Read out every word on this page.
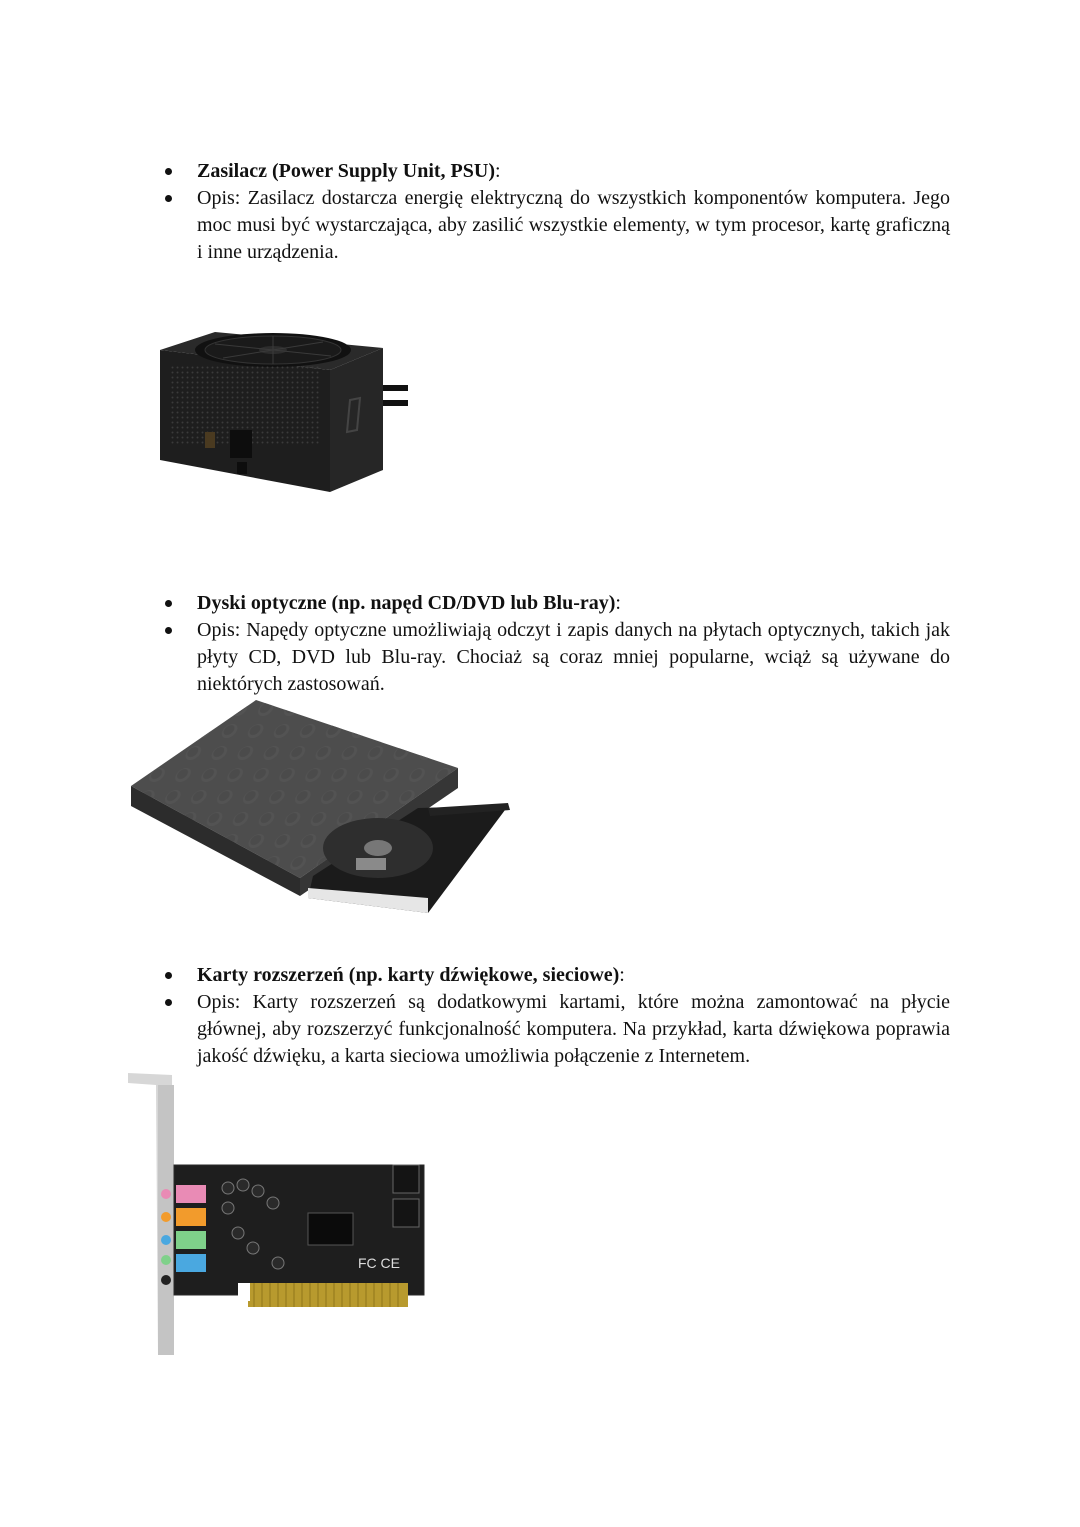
Zasilacz (Power Supply Unit, PSU):
Opis: Zasilacz dostarcza energię elektryczną do wszystkich komponentów komputera. Jego moc musi być wystarczająca, aby zasilić wszystkie elementy, w tym procesor, kartę graficzną i inne urządzenia.
Dyski optyczne (np. napęd CD/DVD lub Blu-ray):
Opis: Napędy optyczne umożliwiają odczyt i zapis danych na płytach optycznych, takich jak płyty CD, DVD lub Blu-ray. Chociaż są coraz mniej popularne, wciąż są używane do niektórych zastosowań.
Karty rozszerzeń (np. karty dźwiękowe, sieciowe):
Opis: Karty rozszerzeń są dodatkowymi kartami, które można zamontować na płycie głównej, aby rozszerzyć funkcjonalność komputera. Na przykład, karta dźwiękowa poprawia jakość dźwięku, a karta sieciowa umożliwia połączenie z Internetem.
FC CE
